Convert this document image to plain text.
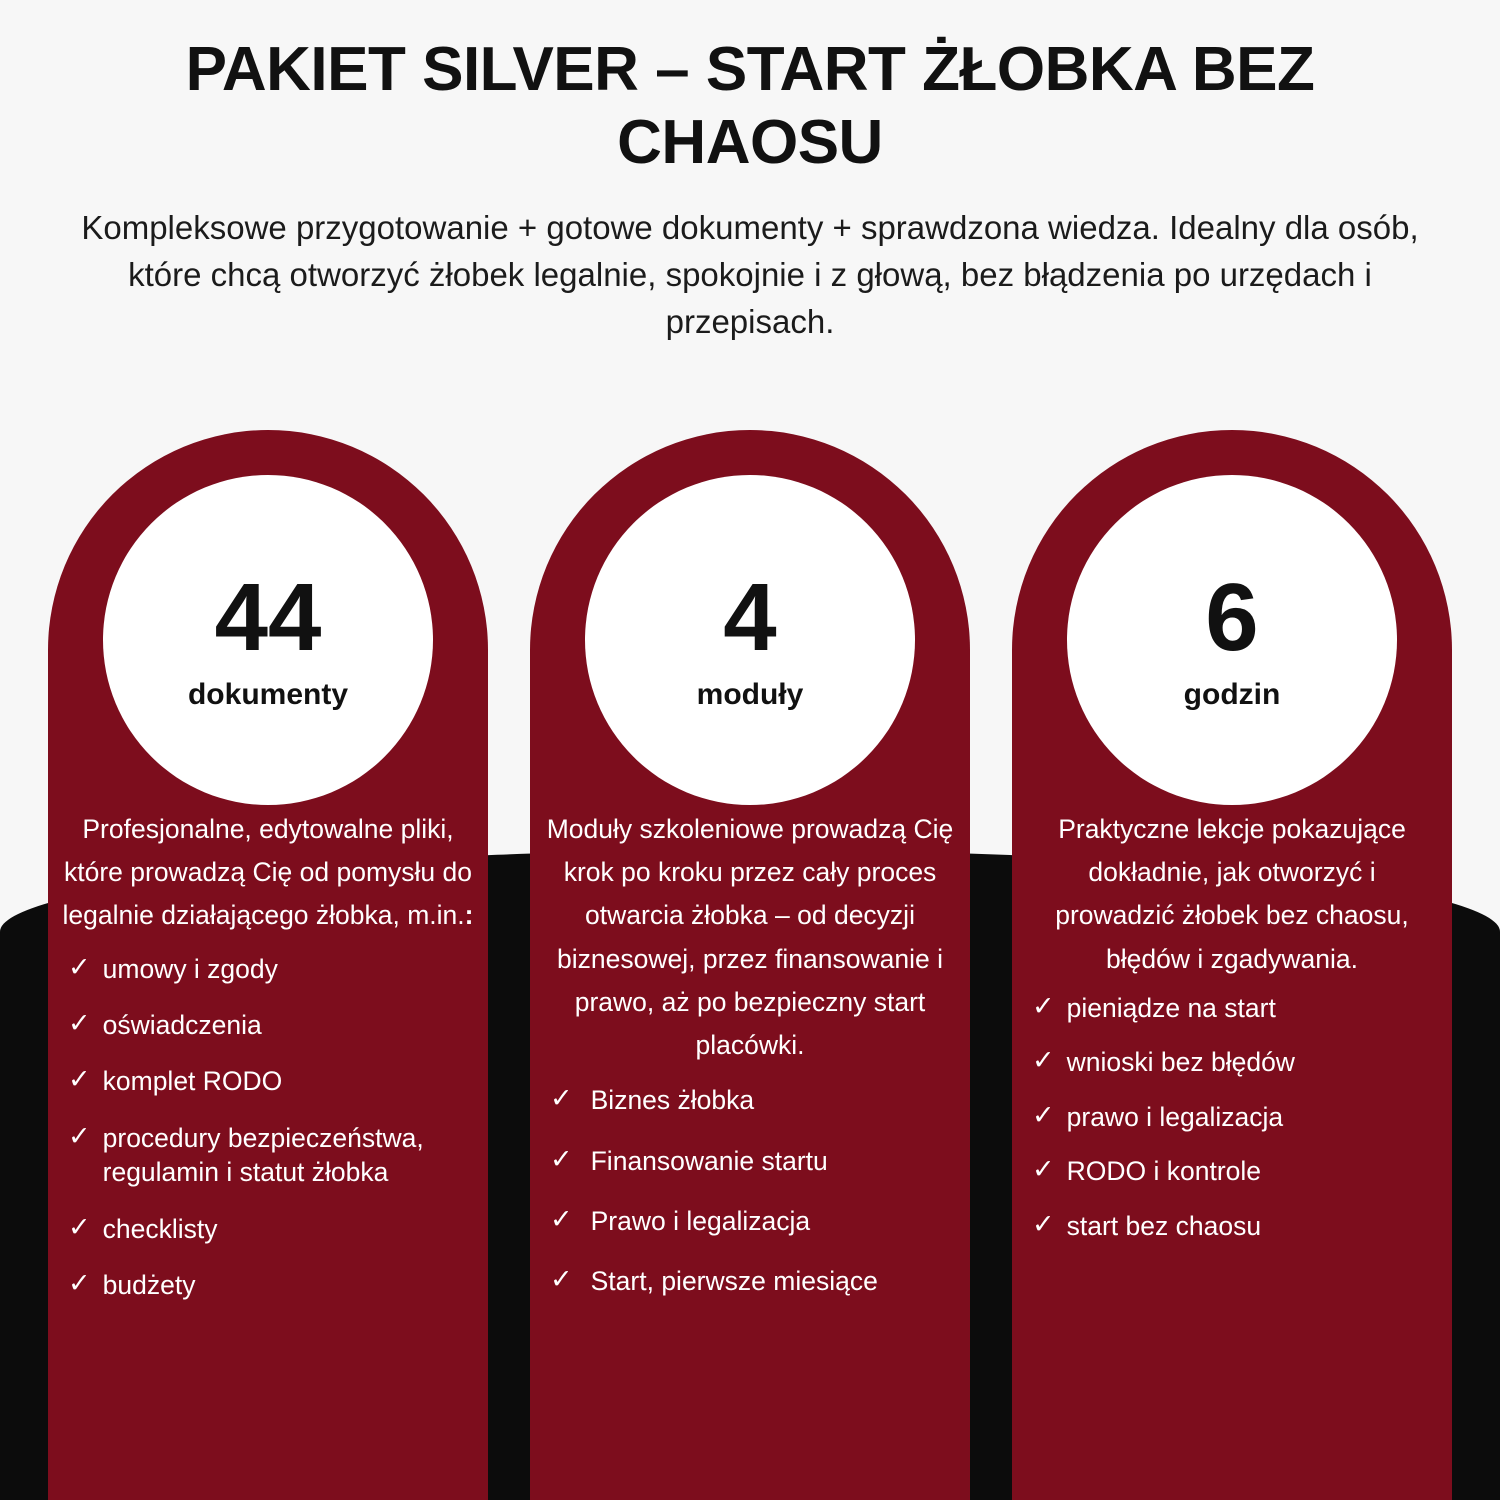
PAKIET SILVER – START ŻŁOBKA BEZ CHAOSU

Kompleksowe przygotowanie + gotowe dokumenty + sprawdzona wiedza. Idealny dla osób, które chcą otworzyć żłobek legalnie, spokojnie i z głową, bez błądzenia po urzędach i przepisach.

44
dokumenty

Profesjonalne, edytowalne pliki, które prowadzą Cię od pomysłu do legalnie działającego żłobka, m.in.:

✓ umowy i zgody
✓ oświadczenia
✓ komplet RODO
✓ procedury bezpieczeństwa, regulamin i statut żłobka
✓ checklisty
✓ budżety
4
moduły

Moduły szkoleniowe prowadzą Cię krok po kroku przez cały proces otwarcia żłobka – od decyzji biznesowej, przez finansowanie i prawo, aż po bezpieczny start placówki.

✓ Biznes żłobka
✓ Finansowanie startu
✓ Prawo i legalizacja
✓ Start, pierwsze miesiące
6
godzin

Praktyczne lekcje pokazujące dokładnie, jak otworzyć i prowadzić żłobek bez chaosu, błędów i zgadywania.

✓ pieniądze na start
✓ wnioski bez błędów
✓ prawo i legalizacja
✓ RODO i kontrole
✓ start bez chaosu
